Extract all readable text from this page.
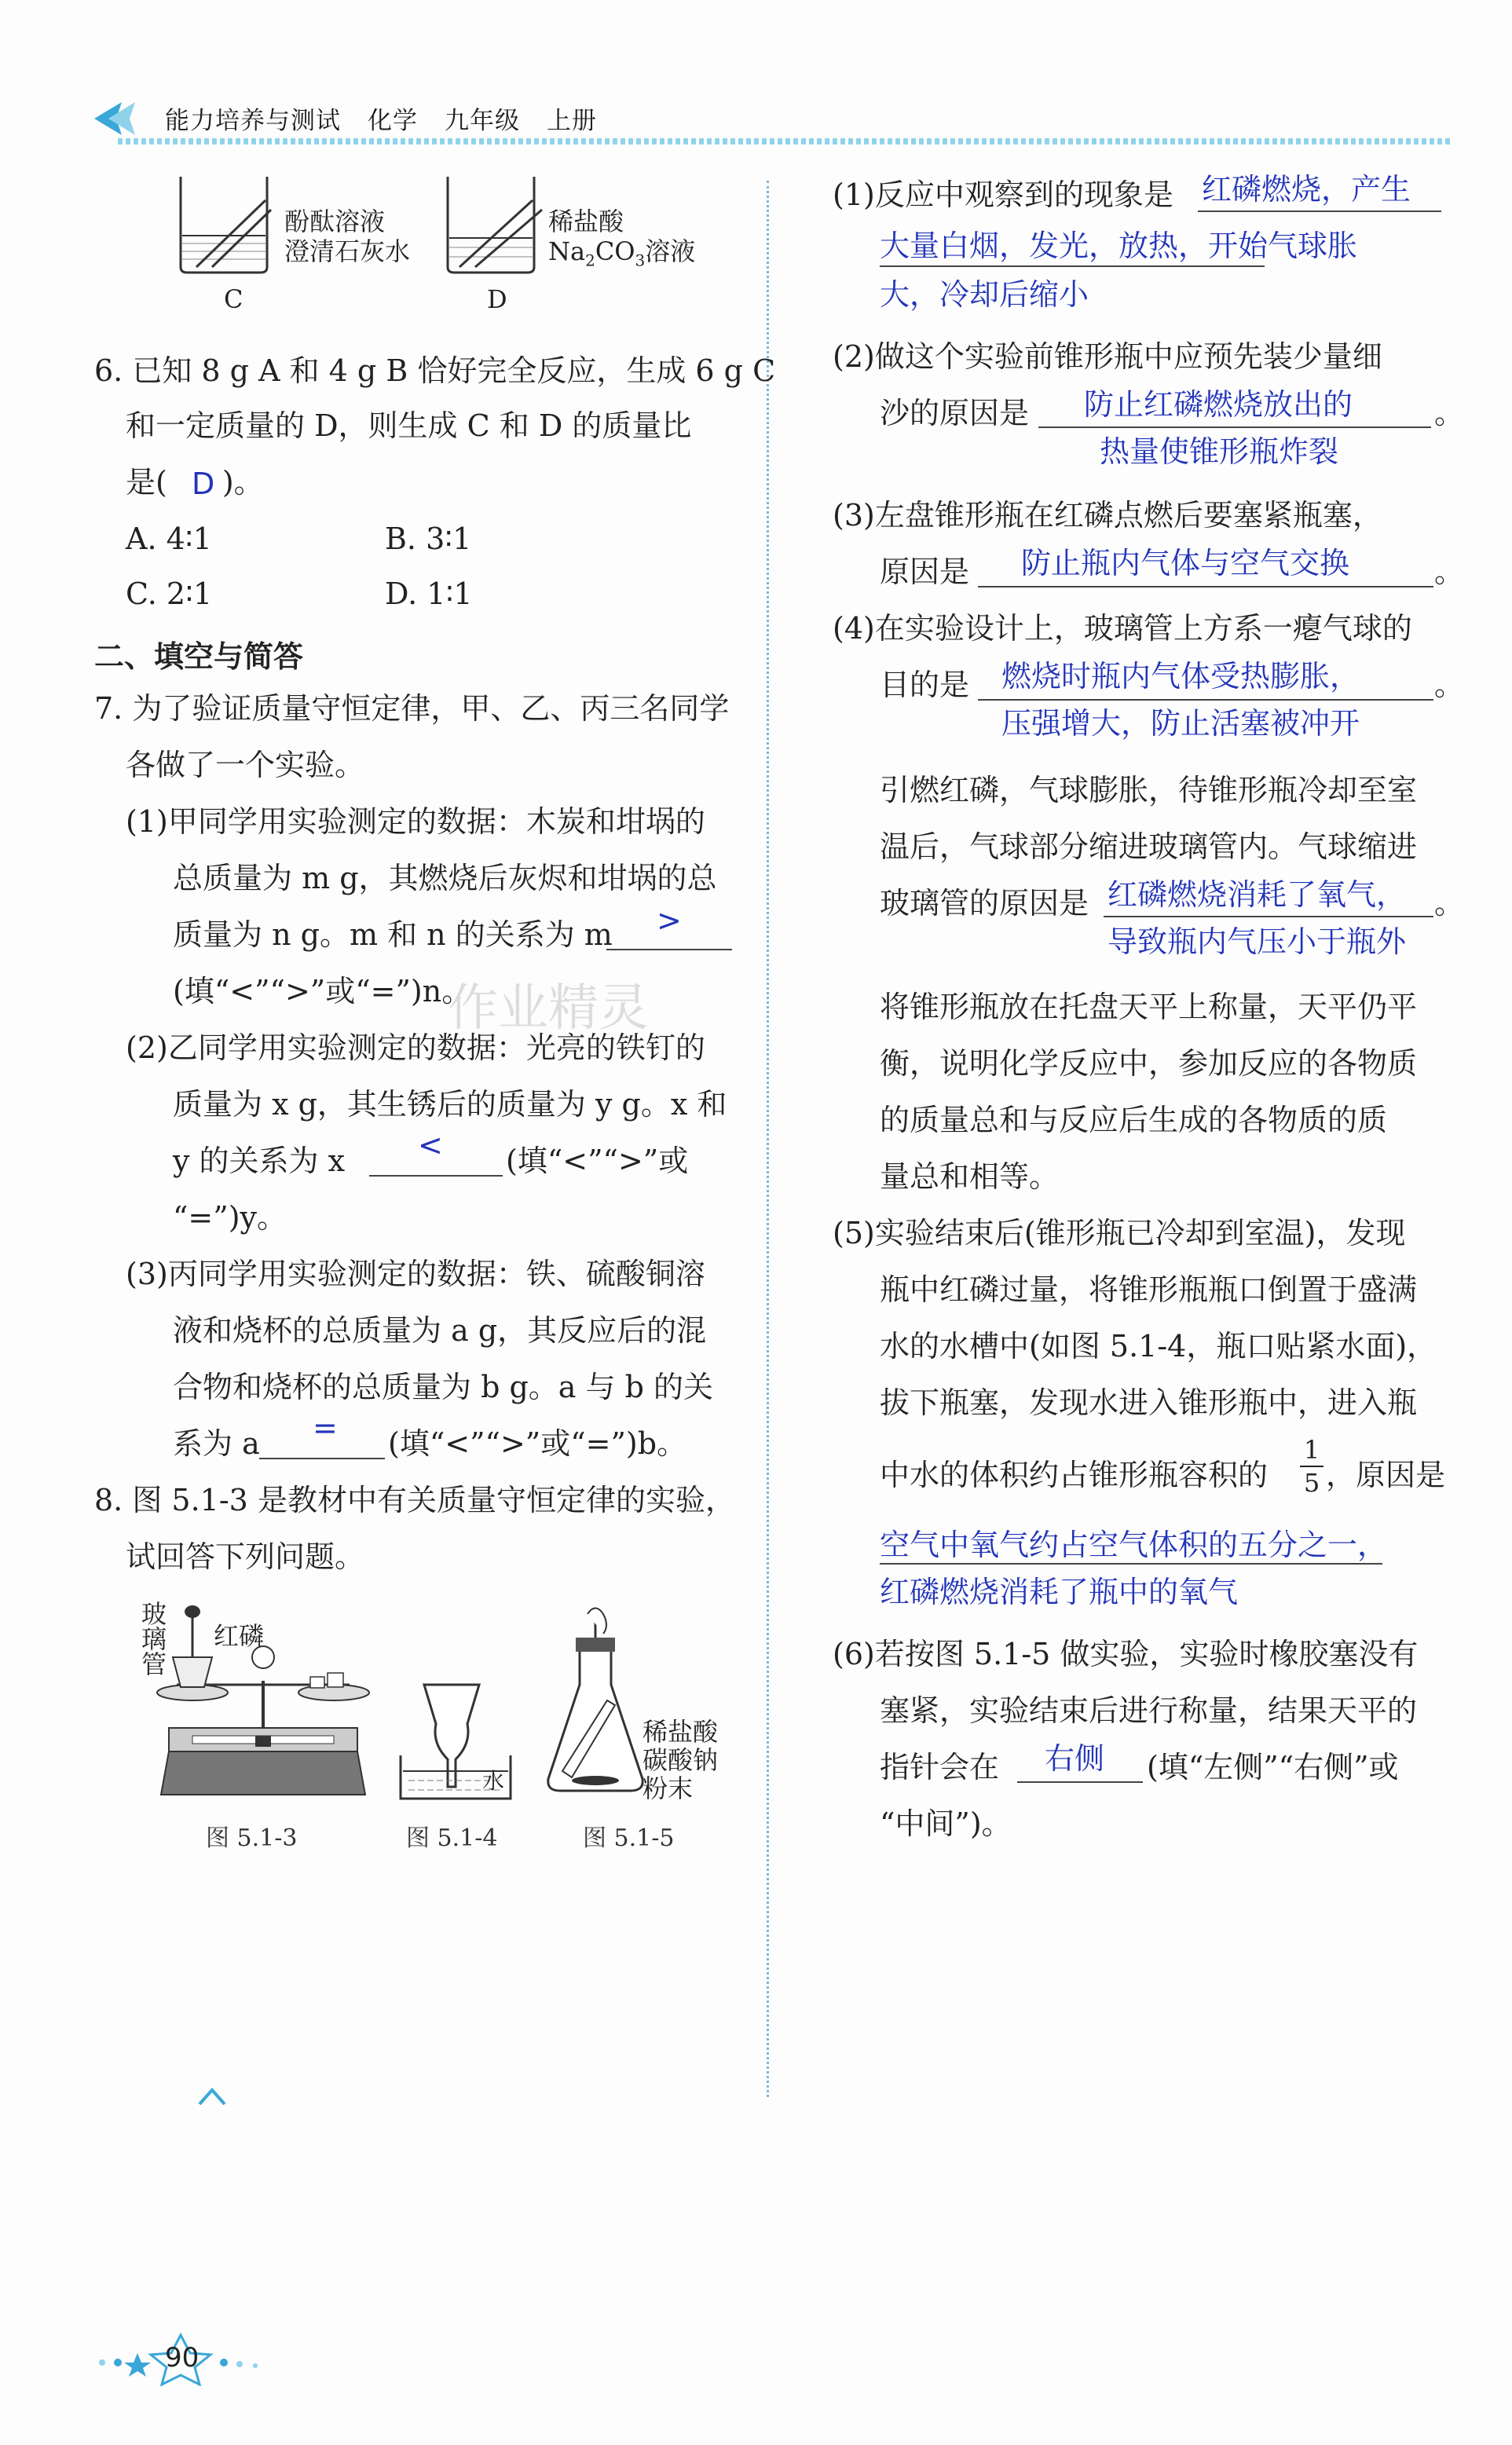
能力培养与测试 化学 九年级 上册
酚酞溶液
澄清石灰水
C
稀盐酸
$Na_2CO_3$溶液
D
6. 已知 8 g A 和 4 g B 恰好完全反应，生成 6 g C
和一定质量的 D，则生成 C 和 D 的质量比
是( )。
D
A. 4∶1	B. 3∶1
C. 2∶1	D. 1∶1
二、填空与简答
7. 为了验证质量守恒定律，甲、乙、丙三名同学
各做了一个实验。
(1)甲同学用实验测定的数据：木炭和坩埚的
总质量为 m g，其燃烧后灰烬和坩埚的总
质量为 n g。m 和 n 的关系为 m >
(填“<”“>”或“=”)n。
(2)乙同学用实验测定的数据：光亮的铁钉的
质量为 x g，其生锈后的质量为 y g。x 和
y 的关系为 x < (填“<”“>”或
“=”)y。
(3)丙同学用实验测定的数据：铁、硫酸铜溶
液和烧杯的总质量为 a g，其反应后的混
合物和烧杯的总质量为 b g。a 与 b 的关
系为 a = (填“<”“>”或“=”)b。
8. 图 5.1-3 是教材中有关质量守恒定律的实验，
试回答下列问题。
玻
璃
管
红磷
图 5.1-3
水
图 5.1-4
稀盐酸
碳酸钠
粉末
图 5.1-5
(1)反应中观察到的现象是 红磷燃烧，产生
大量白烟，发光，放热，开始气球胀
大，冷却后缩小
(2)做这个实验前锥形瓶中应预先装少量细
沙的原因是 防止红磷燃烧放出的	。
热量使锥形瓶炸裂
(3)左盘锥形瓶在红磷点燃后要塞紧瓶塞，
原因是 防止瓶内气体与空气交换	。
(4)在实验设计上，玻璃管上方系一瘪气球的
目的是 燃烧时瓶内气体受热膨胀， 。
压强增大，防止活塞被冲开
引燃红磷，气球膨胀，待锥形瓶冷却至室
温后，气球部分缩进玻璃管内。气球缩进
玻璃管的原因是 红磷燃烧消耗了氧气， 。
导致瓶内气压小于瓶外
将锥形瓶放在托盘天平上称量，天平仍平
衡，说明化学反应中，参加反应的各物质
的质量总和与反应后生成的各物质的质
量总和相等。
(5)实验结束后(锥形瓶已冷却到室温)，发现
瓶中红磷过量，将锥形瓶瓶口倒置于盛满
水的水槽中(如图 5.1-4，瓶口贴紧水面)，
拔下瓶塞，发现水进入锥形瓶中，进入瓶
中水的体积约占锥形瓶容积的 $\frac{1}{5}$ ，原因是
空气中氧气约占空气体积的五分之一，
红磷燃烧消耗了瓶中的氧气
(6)若按图 5.1-5 做实验，实验时橡胶塞没有
塞紧，实验结束后进行称量，结果天平的
指针会在 右侧 (填“左侧”“右侧”或
“中间”)。
作业精灵
90
